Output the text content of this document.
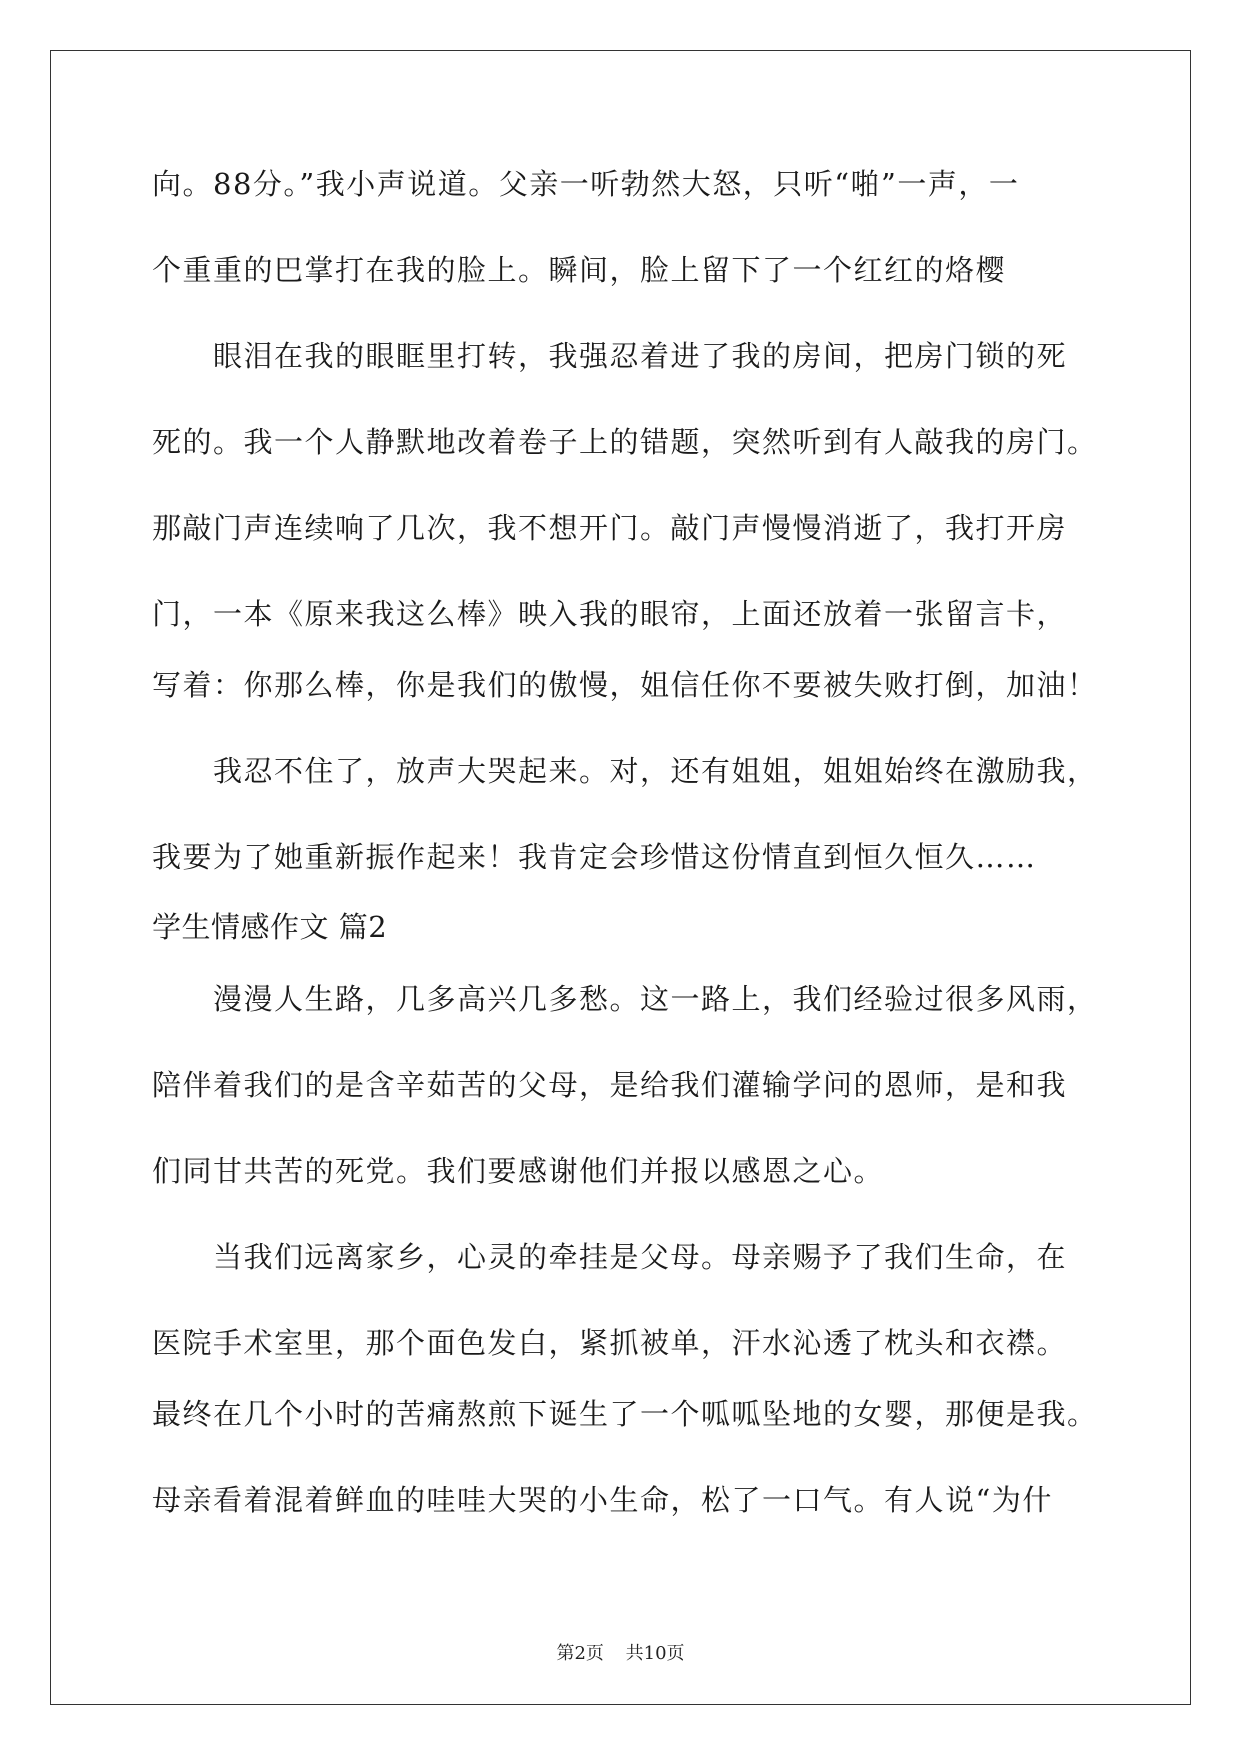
向。88分。”我小声说道。父亲一听勃然大怒，只听“啪”一声，一
个重重的巴掌打在我的脸上。瞬间，脸上留下了一个红红的烙樱
　　眼泪在我的眼眶里打转，我强忍着进了我的房间，把房门锁的死
死的。我一个人静默地改着卷子上的错题，突然听到有人敲我的房门。
那敲门声连续响了几次，我不想开门。敲门声慢慢消逝了，我打开房
门，一本《原来我这么棒》映入我的眼帘，上面还放着一张留言卡，
写着：你那么棒，你是我们的傲慢，姐信任你不要被失败打倒，加油！
　　我忍不住了，放声大哭起来。对，还有姐姐，姐姐始终在激励我，
我要为了她重新振作起来！我肯定会珍惜这份情直到恒久恒久……
学生情感作文 篇2
　　漫漫人生路，几多高兴几多愁。这一路上，我们经验过很多风雨，
陪伴着我们的是含辛茹苦的父母，是给我们灌输学问的恩师，是和我
们同甘共苦的死党。我们要感谢他们并报以感恩之心。
　　当我们远离家乡，心灵的牵挂是父母。母亲赐予了我们生命，在
医院手术室里，那个面色发白，紧抓被单，汗水沁透了枕头和衣襟。
最终在几个小时的苦痛熬煎下诞生了一个呱呱坠地的女婴，那便是我。
母亲看着混着鲜血的哇哇大哭的小生命，松了一口气。有人说“为什
第2页 共10页
